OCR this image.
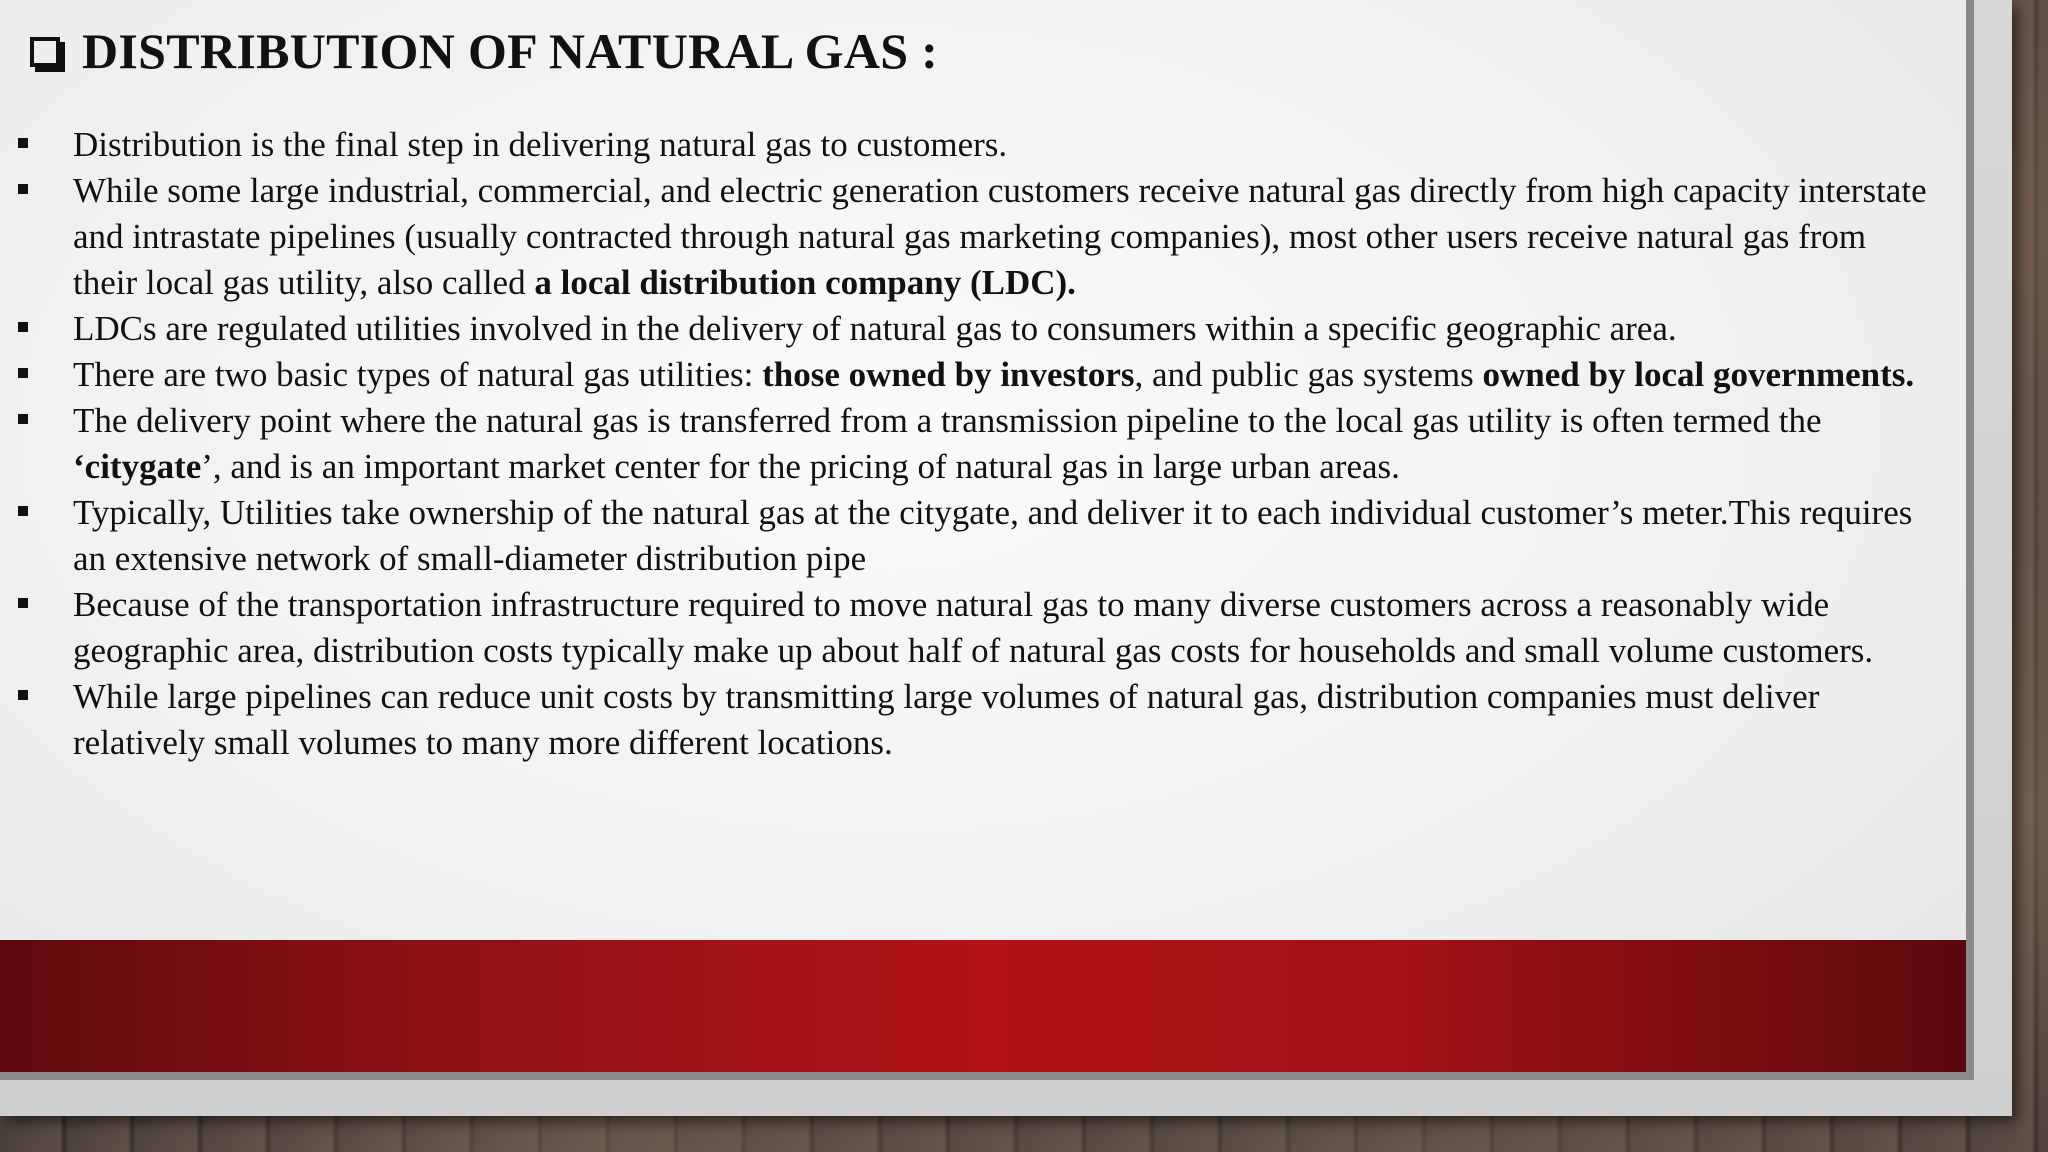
DISTRIBUTION OF NATURAL GAS :
Distribution is the final step in delivering natural gas to customers.
While some large industrial, commercial, and electric generation customers receive natural gas directly from high capacity interstate and intrastate pipelines (usually contracted through natural gas marketing companies), most other users receive natural gas from their local gas utility, also called a local distribution company (LDC).
LDCs are regulated utilities involved in the delivery of natural gas to consumers within a specific geographic area.
There are two basic types of natural gas utilities: those owned by investors, and public gas systems owned by local governments.
The delivery point where the natural gas is transferred from a transmission pipeline to the local gas utility is often termed the ‘citygate’, and is an important market center for the pricing of natural gas in large urban areas.
Typically, Utilities take ownership of the natural gas at the citygate, and deliver it to each individual customer’s meter.This requires an extensive network of small-diameter distribution pipe
Because of the transportation infrastructure required to move natural gas to many diverse customers across a reasonably wide geographic area, distribution costs typically make up about half of natural gas costs for households and small volume customers.
While large pipelines can reduce unit costs by transmitting large volumes of natural gas, distribution companies must deliver relatively small volumes to many more different locations.
